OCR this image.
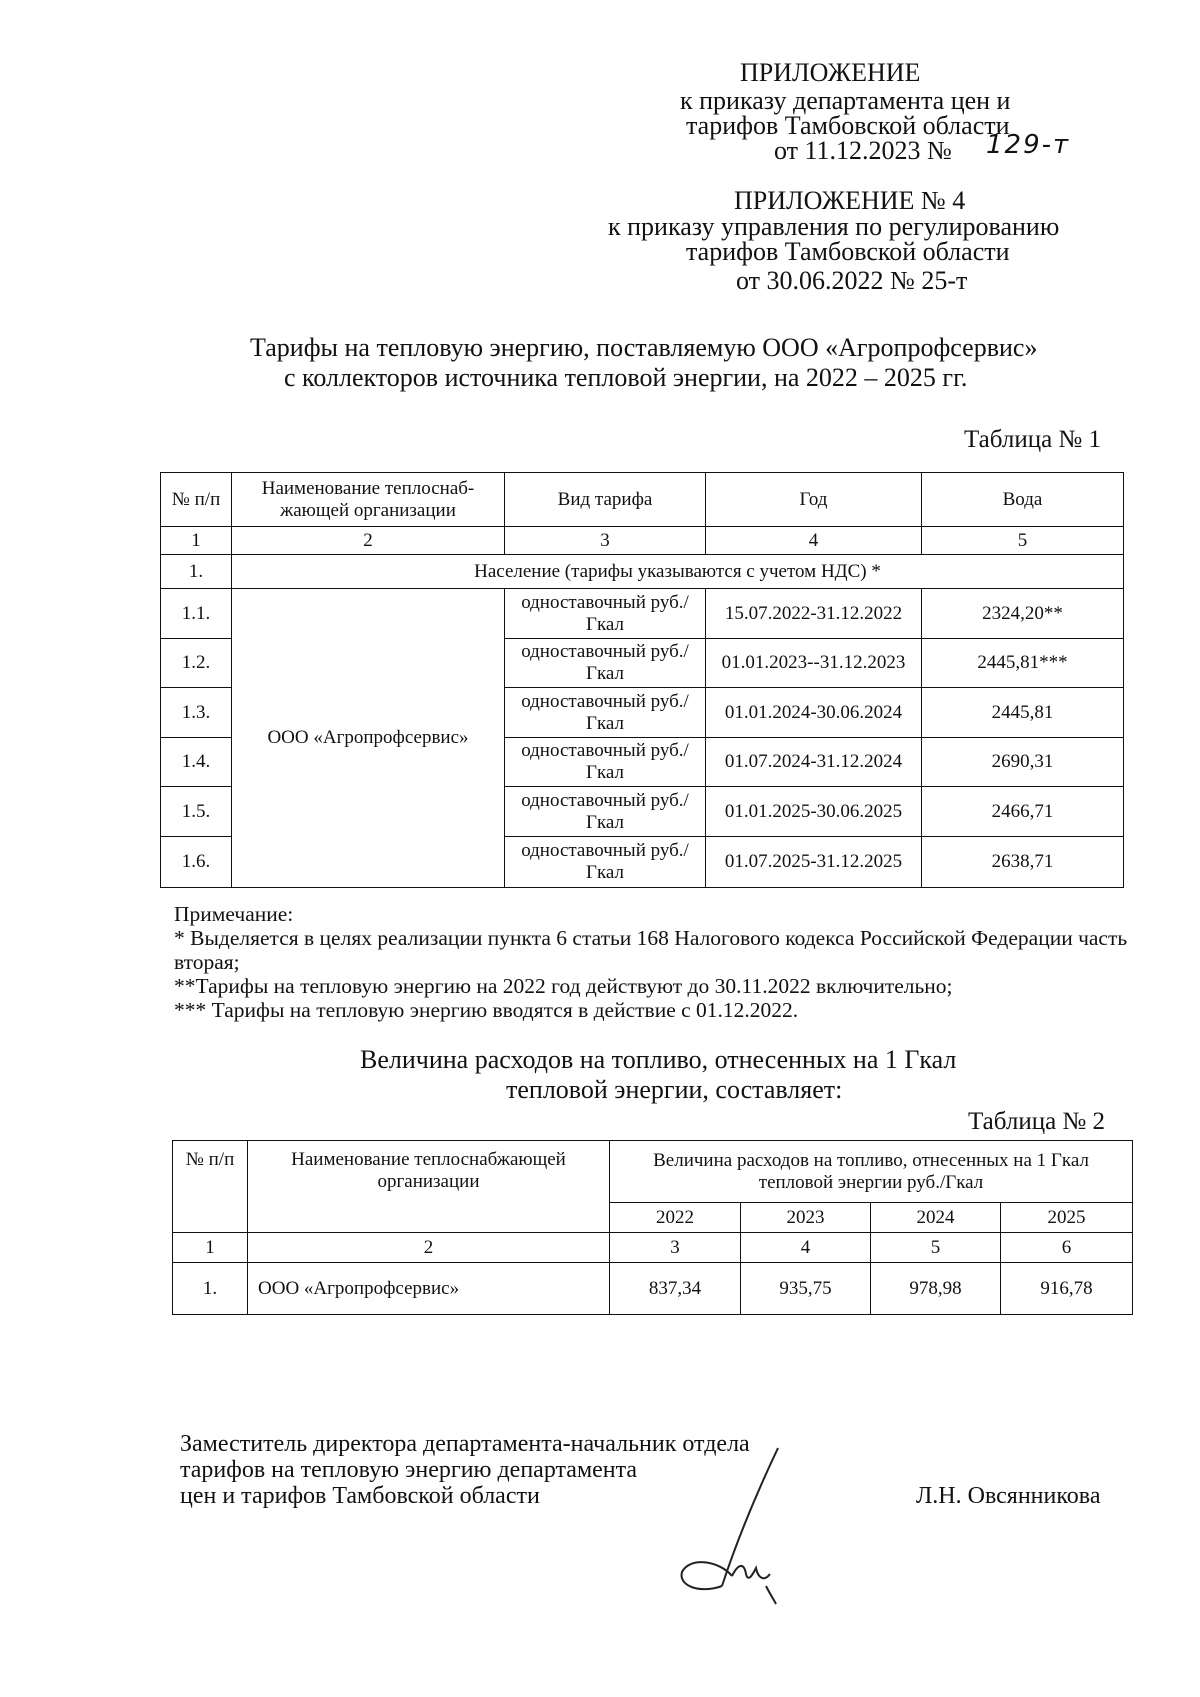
ПРИЛОЖЕНИЕ
к приказу департамента цен и
тарифов Тамбовской области
от 11.12.2023 № 129-т
ПРИЛОЖЕНИЕ № 4
к приказу управления по регулированию
тарифов Тамбовской области
от 30.06.2022 № 25-т
Тарифы на тепловую энергию, поставляемую ООО «Агропрофсервис»
с коллекторов источника тепловой энергии, на 2022 – 2025 гг.
Таблица № 1
№ п/п	Наименование теплоснаб-жающей организации	Вид тарифа	Год	Вода
1	2	3	4	5
1.	Население (тарифы указываются с учетом НДС) *			
1.1.	ООО «Агропрофсервис»	одноставочный руб./Гкал	15.07.2022-31.12.2022	2324,20**
1.2.		одноставочный руб./Гкал	01.01.2023--31.12.2023	2445,81***
1.3.		одноставочный руб./Гкал	01.01.2024-30.06.2024	2445,81
1.4.		одноставочный руб./Гкал	01.07.2024-31.12.2024	2690,31
1.5.		одноставочный руб./Гкал	01.01.2025-30.06.2025	2466,71
1.6.		одноставочный руб./Гкал	01.07.2025-31.12.2025	2638,71
Примечание:
* Выделяется в целях реализации пункта 6 статьи 168 Налогового кодекса Российской Федерации часть вторая;
**Тарифы на тепловую энергию на 2022 год действуют до 30.11.2022 включительно;
*** Тарифы на тепловую энергию вводятся в действие с 01.12.2022.
Величина расходов на топливо, отнесенных на 1 Гкал
тепловой энергии, составляет:
Таблица № 2
№ п/п	Наименование теплоснабжающей организации	Величина расходов на топливо, отнесенных на 1 Гкал тепловой энергии руб./Гкал			
		2022	2023	2024	2025
1	2	3	4	5	6
1.	ООО «Агропрофсервис»	837,34	935,75	978,98	916,78
Заместитель директора департамента-начальник отдела
тарифов на тепловую энергию департамента
цен и тарифов Тамбовской области	Л.Н. Овсянникова
